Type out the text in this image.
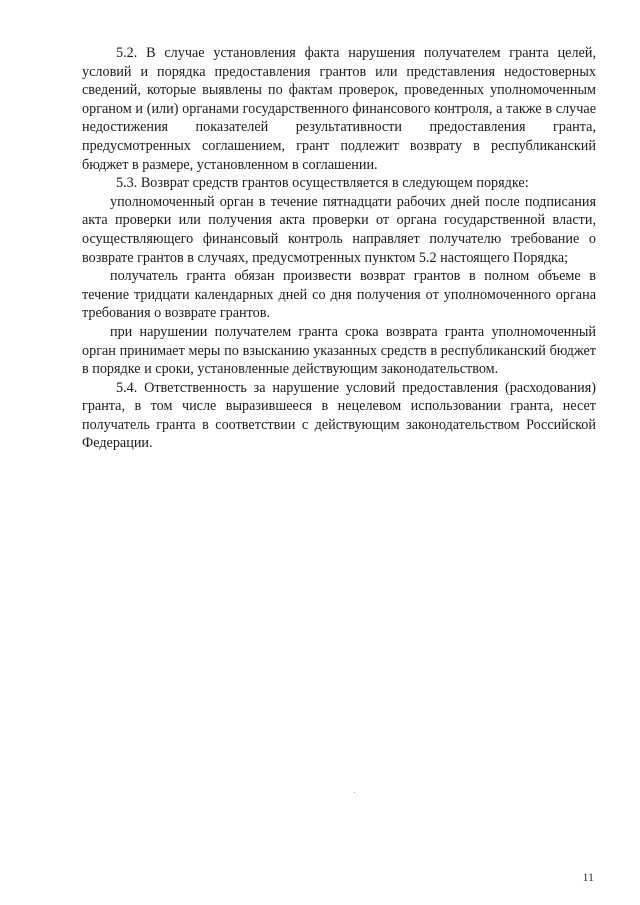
5.2. В случае установления факта нарушения получателем гранта целей, условий и порядка предоставления грантов или представления недостоверных сведений, которые выявлены по фактам проверок, проведенных уполномоченным органом и (или) органами государственного финансового контроля, а также в случае недостижения показателей результативности предоставления гранта, предусмотренных соглашением, грант подлежит возврату в республиканский бюджет в размере, установленном в соглашении.

5.3. Возврат средств грантов осуществляется в следующем порядке:

уполномоченный орган в течение пятнадцати рабочих дней после подписания акта проверки или получения акта проверки от органа государственной власти, осуществляющего финансовый контроль направляет получателю требование о возврате грантов в случаях, предусмотренных пунктом 5.2 настоящего Порядка;

получатель гранта обязан произвести возврат грантов в полном объеме в течение тридцати календарных дней со дня получения от уполномоченного органа требования о возврате грантов.

при нарушении получателем гранта срока возврата гранта уполномоченный орган принимает меры по взысканию указанных средств в республиканский бюджет в порядке и сроки, установленные действующим законодательством.

5.4. Ответственность за нарушение условий предоставления (расходования) гранта, в том числе выразившееся в нецелевом использовании гранта, несет получатель гранта в соответствии с действующим законодательством Российской Федерации.

11
